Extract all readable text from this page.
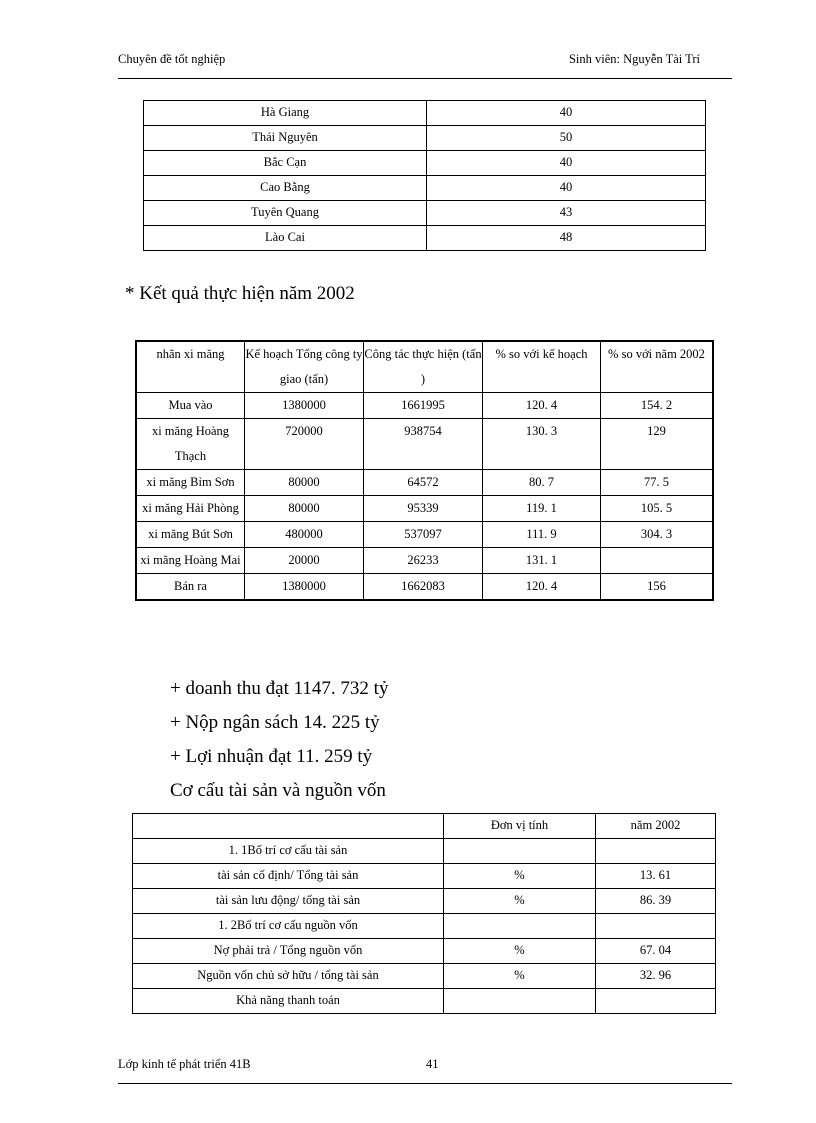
Chuyên đề tốt nghiệp	Sinh viên: Nguyễn Tài Trí
Hà Giang	40
Thái Nguyên	50
Bắc Cạn	40
Cao Bằng	40
Tuyên Quang	43
Lào Cai	48
* Kết quả thực hiện năm 2002
nhãn xi măng	Kế hoạch Tổng công ty giao (tấn)	Công tác thực hiện (tấn )	% so với kế hoạch	% so với năm 2002
Mua vào	1380000	1661995	120. 4	154. 2
xi măng Hoàng Thạch	720000	938754	130. 3	129
xi măng Bỉm Sơn	80000	64572	80. 7	77. 5
xi măng Hải Phòng	80000	95339	119. 1	105. 5
xi măng Bút Sơn	480000	537097	111. 9	304. 3
xi măng Hoàng Mai	20000	26233	131. 1	
Bán ra	1380000	1662083	120. 4	156
+ doanh thu đạt 1147. 732 tỷ
+ Nộp ngân sách 14. 225 tỷ
+ Lợi nhuận đạt 11. 259 tỷ
Cơ cấu tài sản và nguồn vốn
	Đơn vị tính	năm 2002
1. 1Bố trí cơ cấu tài sản		
tài sản cố định/ Tổng tài sản	%	13. 61
tài sản lưu động/ tổng tài sản	%	86. 39
1. 2Bố trí cơ cấu nguồn vốn		
Nợ phải trả / Tổng nguồn vốn	%	67. 04
Nguồn vốn chủ sở hữu / tổng tài sản	%	32. 96
Khả năng thanh toán		
Lớp kinh tế phát triển 41B	41
